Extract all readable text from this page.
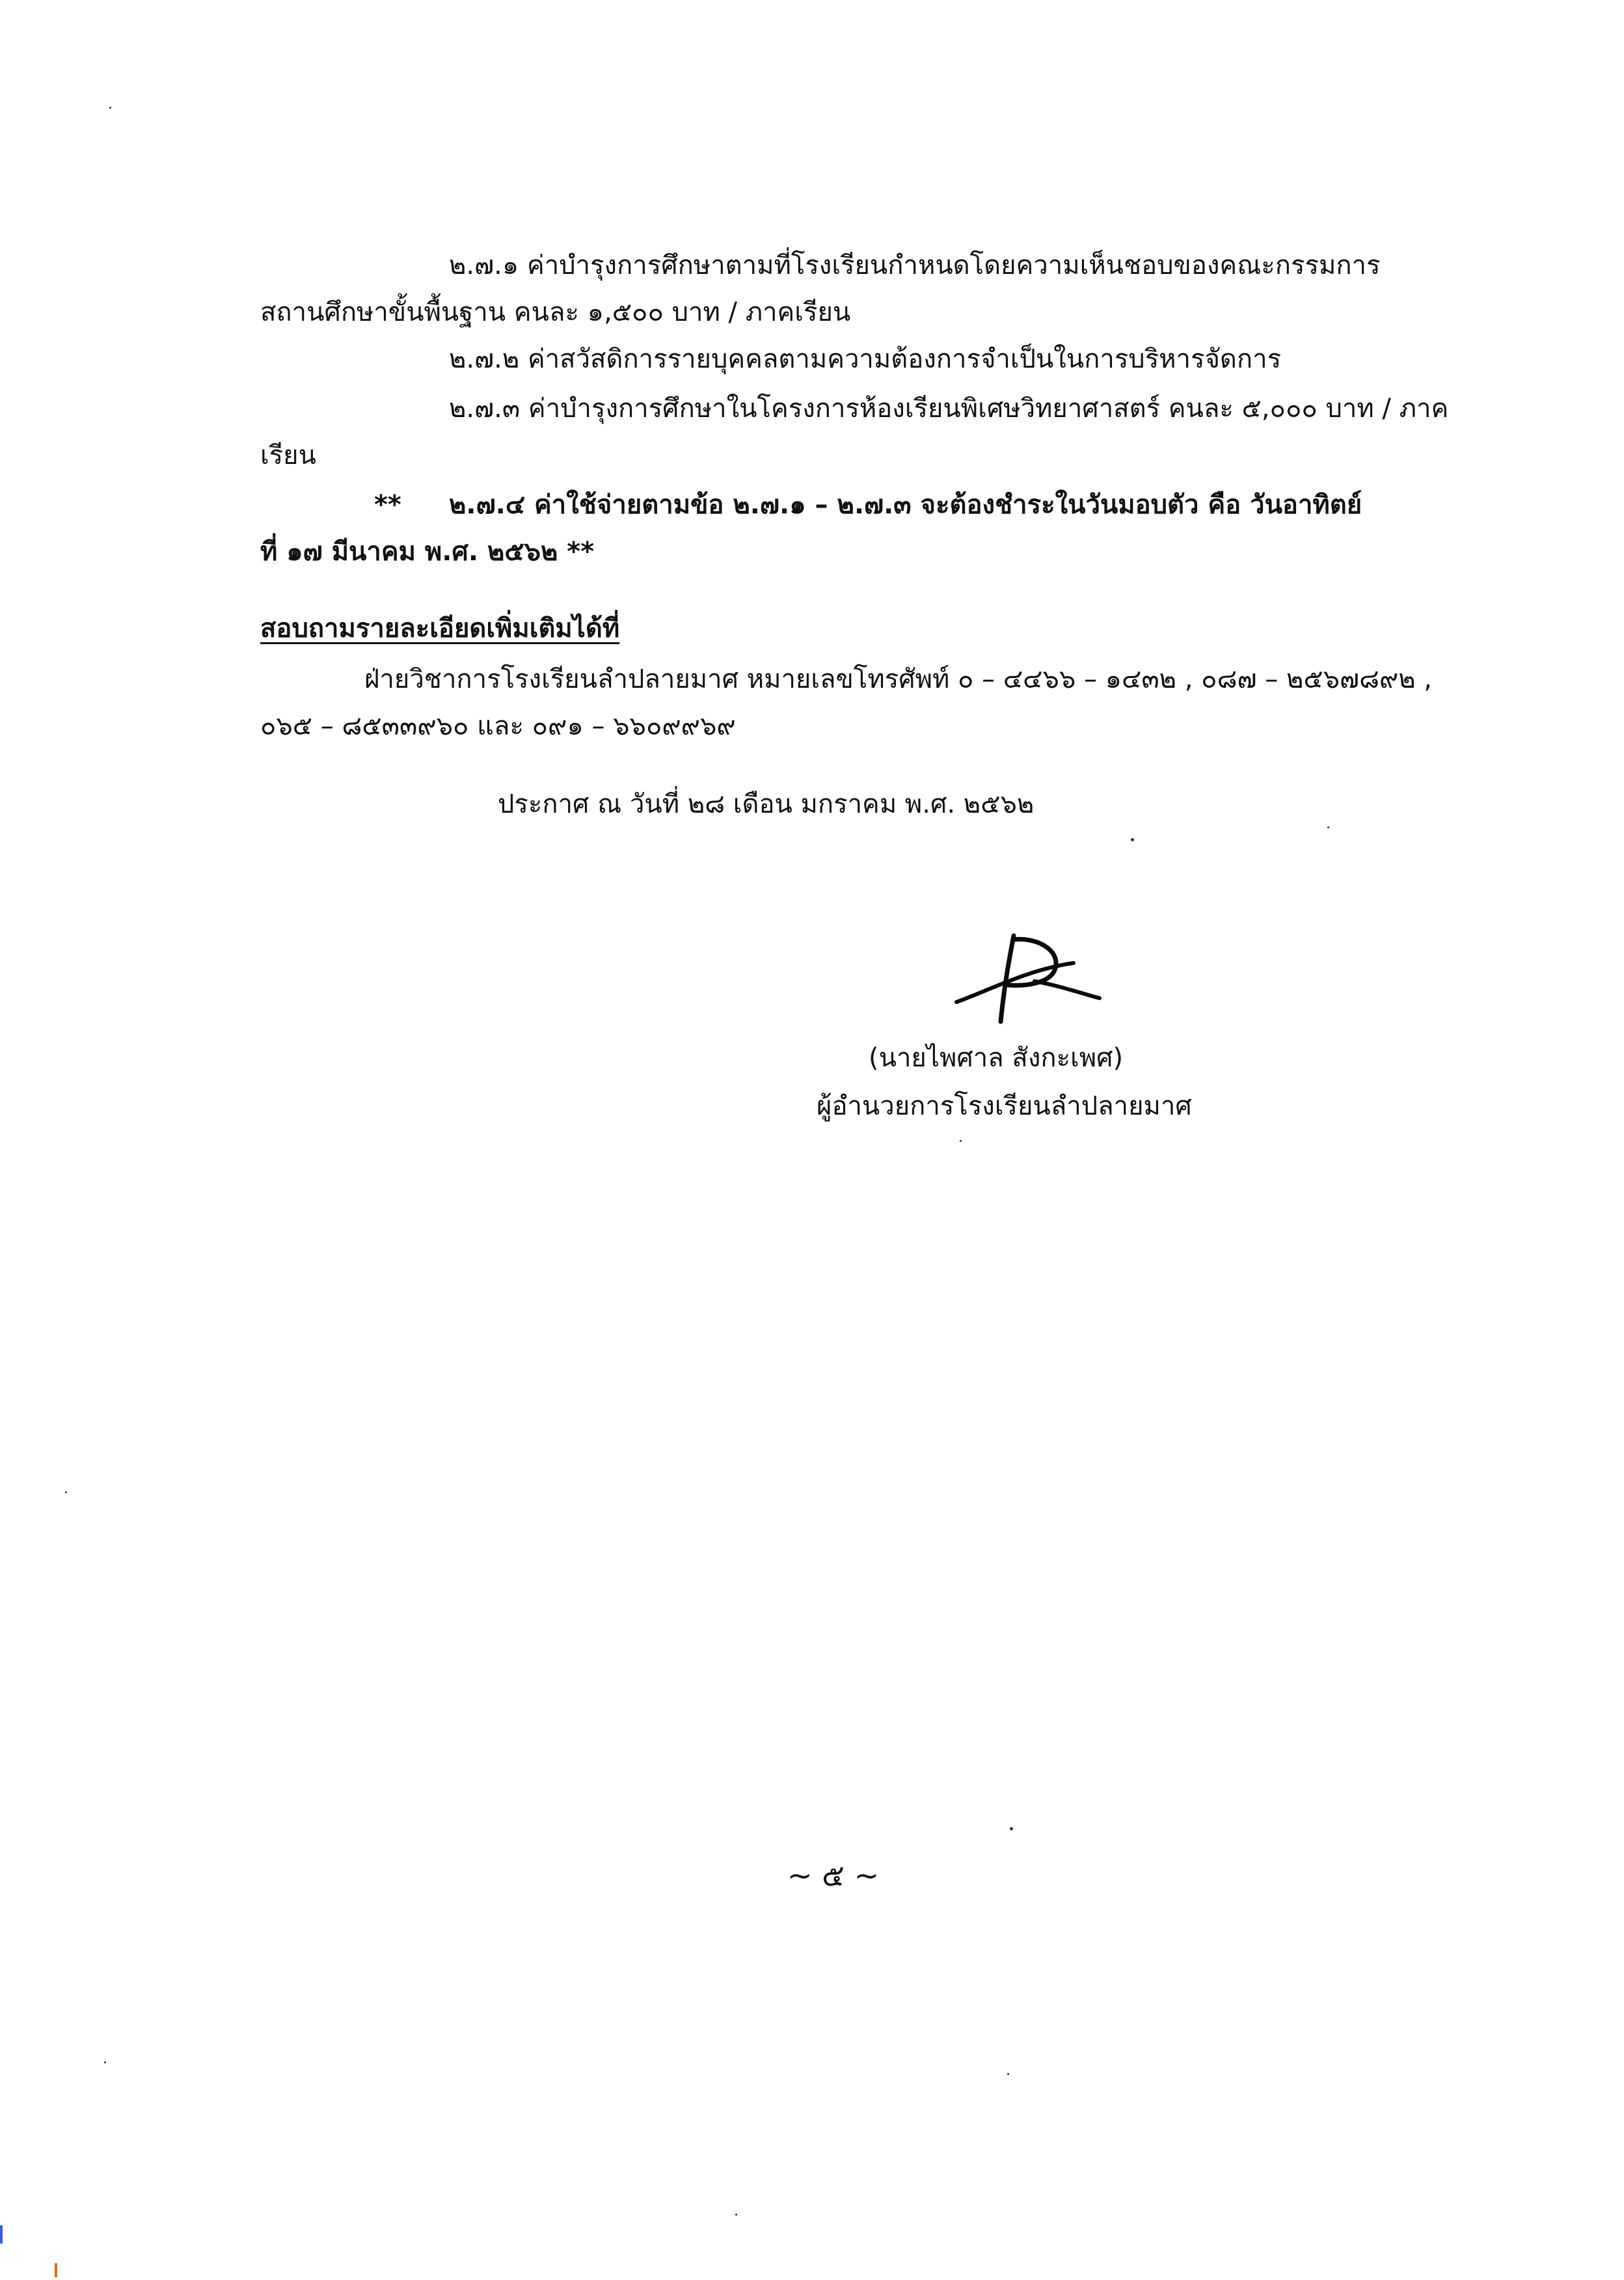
๒.๗.๑ ค่าบำรุงการศึกษาตามที่โรงเรียนกำหนดโดยความเห็นชอบของคณะกรรมการ
สถานศึกษาขั้นพื้นฐาน คนละ ๑,๕๐๐ บาท / ภาคเรียน
๒.๗.๒ ค่าสวัสดิการรายบุคคลตามความต้องการจำเป็นในการบริหารจัดการ
๒.๗.๓ ค่าบำรุงการศึกษาในโครงการห้องเรียนพิเศษวิทยาศาสตร์ คนละ ๕,๐๐๐ บาท / ภาค
เรียน
** ๒.๗.๔ ค่าใช้จ่ายตามข้อ ๒.๗.๑ – ๒.๗.๓ จะต้องชำระในวันมอบตัว คือ วันอาทิตย์
ที่ ๑๗ มีนาคม พ.ศ. ๒๕๖๒ **
สอบถามรายละเอียดเพิ่มเติมได้ที่
ฝ่ายวิชาการโรงเรียนลำปลายมาศ หมายเลขโทรศัพท์ ๐ – ๔๔๖๖ – ๑๔๓๒ , ๐๘๗ – ๒๕๖๗๘๙๒ ,
๐๖๕ – ๘๕๓๓๙๖๐ และ ๐๙๑ – ๖๖๐๙๙๖๙
ประกาศ ณ วันที่ ๒๘ เดือน มกราคม พ.ศ. ๒๕๖๒
(นายไพศาล สังกะเพศ)
ผู้อำนวยการโรงเรียนลำปลายมาศ
~ ๕ ~
